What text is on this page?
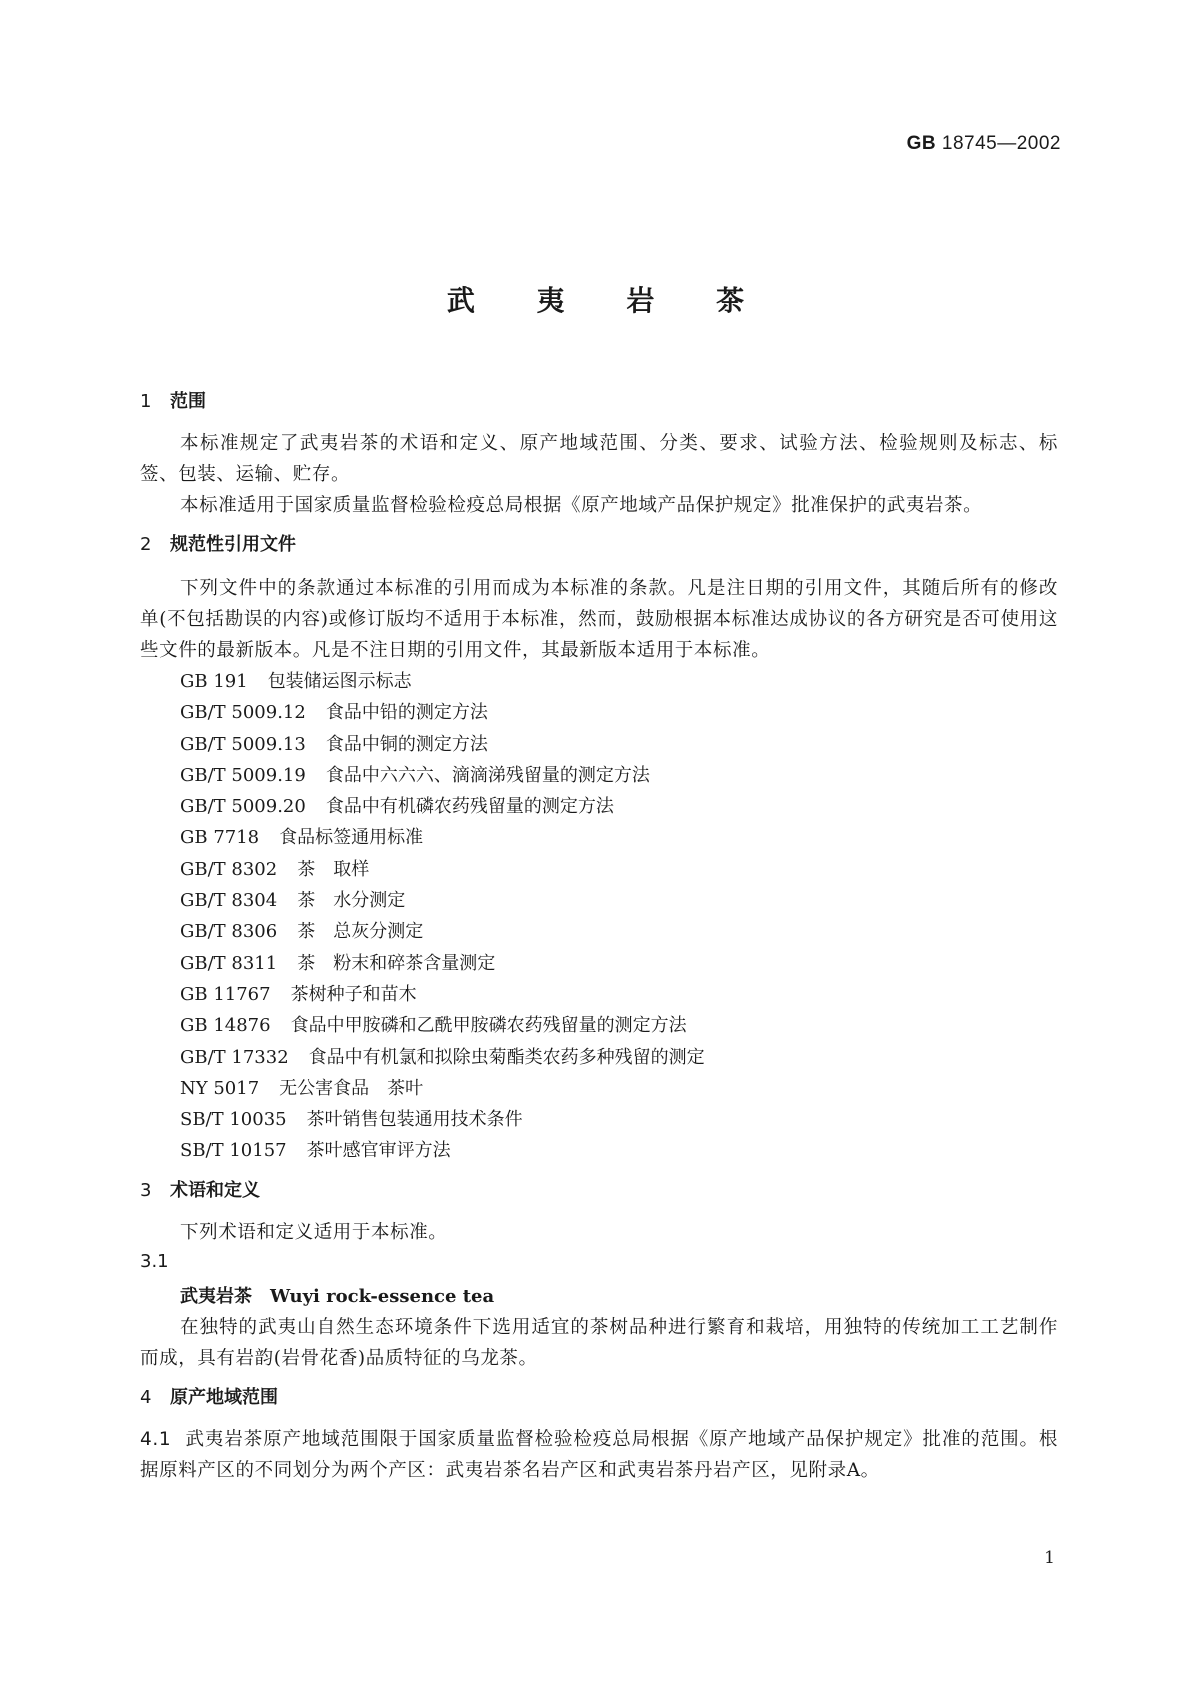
GB 18745—2002
武 夷 岩 茶
1 范围
本标准规定了武夷岩茶的术语和定义、原产地域范围、分类、要求、试验方法、检验规则及标志、标签、包装、运输、贮存。
本标准适用于国家质量监督检验检疫总局根据《原产地域产品保护规定》批准保护的武夷岩茶。
2 规范性引用文件
下列文件中的条款通过本标准的引用而成为本标准的条款。凡是注日期的引用文件，其随后所有的修改单(不包括勘误的内容)或修订版均不适用于本标准，然而，鼓励根据本标准达成协议的各方研究是否可使用这些文件的最新版本。凡是不注日期的引用文件，其最新版本适用于本标准。
GB 191 包装储运图示标志
GB/T 5009.12 食品中铅的测定方法
GB/T 5009.13 食品中铜的测定方法
GB/T 5009.19 食品中六六六、滴滴涕残留量的测定方法
GB/T 5009.20 食品中有机磷农药残留量的测定方法
GB 7718 食品标签通用标准
GB/T 8302 茶　取样
GB/T 8304 茶　水分测定
GB/T 8306 茶　总灰分测定
GB/T 8311 茶　粉末和碎茶含量测定
GB 11767 茶树种子和苗木
GB 14876 食品中甲胺磷和乙酰甲胺磷农药残留量的测定方法
GB/T 17332 食品中有机氯和拟除虫菊酯类农药多种残留的测定
NY 5017 无公害食品　茶叶
SB/T 10035 茶叶销售包装通用技术条件
SB/T 10157 茶叶感官审评方法
3 术语和定义
下列术语和定义适用于本标准。
3.1
武夷岩茶 Wuyi rock-essence tea
在独特的武夷山自然生态环境条件下选用适宜的茶树品种进行繁育和栽培，用独特的传统加工工艺制作而成，具有岩韵(岩骨花香)品质特征的乌龙茶。
4 原产地域范围
4.1 武夷岩茶原产地域范围限于国家质量监督检验检疫总局根据《原产地域产品保护规定》批准的范围。根据原料产区的不同划分为两个产区：武夷岩茶名岩产区和武夷岩茶丹岩产区，见附录A。
1
